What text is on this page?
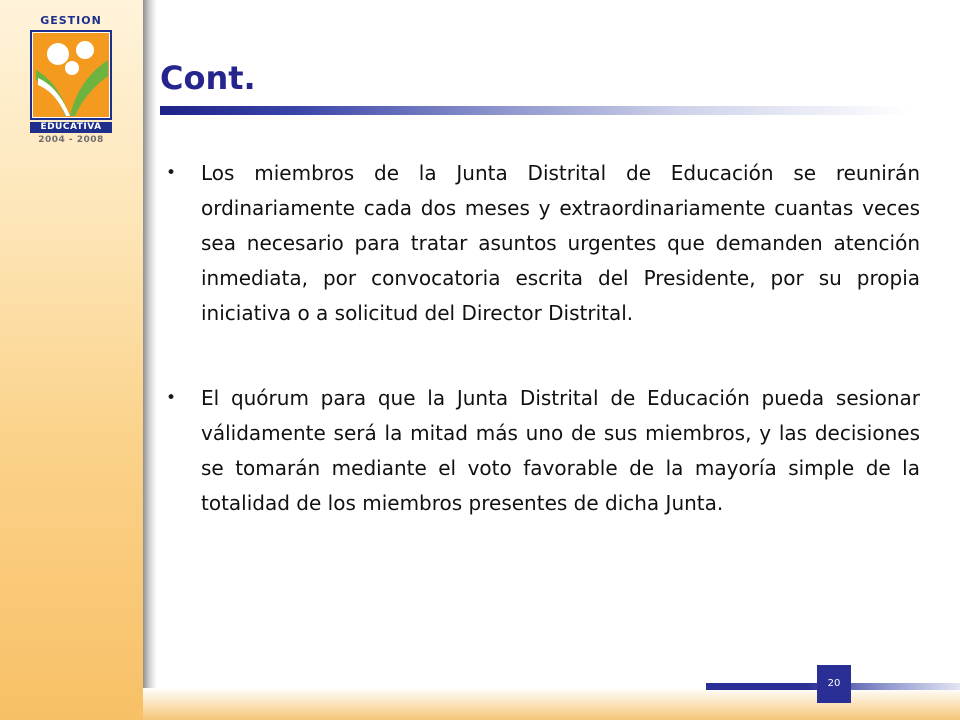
GESTION
EDUCATIVA
2004 - 2008
Cont.
• Los miembros de la Junta Distrital de Educación se reunirán ordinariamente cada dos meses y extraordinariamente cuantas veces sea necesario para tratar asuntos urgentes que demanden atención inmediata, por convocatoria escrita del Presidente, por su propia iniciativa o a solicitud del Director Distrital.
• El quórum para que la Junta Distrital de Educación pueda sesionar válidamente será la mitad más uno de sus miembros, y las decisiones se tomarán mediante el voto favorable de la mayoría simple de la totalidad de los miembros presentes de dicha Junta.
20
